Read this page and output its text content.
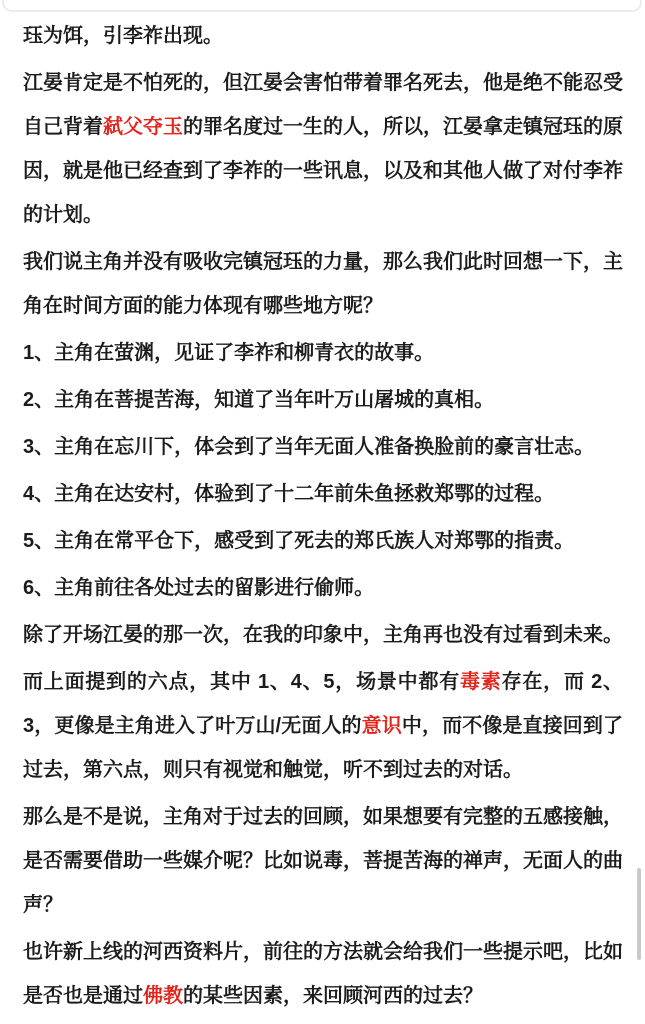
珏为饵，引李祚出现。

江晏肯定是不怕死的，但江晏会害怕带着罪名死去，他是绝不能忍受自己背着弑父夺玉的罪名度过一生的人，所以，江晏拿走镇冠珏的原因，就是他已经查到了李祚的一些讯息，以及和其他人做了对付李祚的计划。

我们说主角并没有吸收完镇冠珏的力量，那么我们此时回想一下，主角在时间方面的能力体现有哪些地方呢？

1、主角在萤渊，见证了李祚和柳青衣的故事。

2、主角在菩提苦海，知道了当年叶万山屠城的真相。

3、主角在忘川下，体会到了当年无面人准备换脸前的豪言壮志。

4、主角在达安村，体验到了十二年前朱鱼拯救郑鄂的过程。

5、主角在常平仓下，感受到了死去的郑氏族人对郑鄂的指责。

6、主角前往各处过去的留影进行偷师。

除了开场江晏的那一次，在我的印象中，主角再也没有过看到未来。

而上面提到的六点，其中 1、4、5，场景中都有毒素存在，而 2、3，更像是主角进入了叶万山/无面人的意识中，而不像是直接回到了过去，第六点，则只有视觉和触觉，听不到过去的对话。

那么是不是说，主角对于过去的回顾，如果想要有完整的五感接触，是否需要借助一些媒介呢？比如说毒，菩提苦海的禅声，无面人的曲声？

也许新上线的河西资料片，前往的方法就会给我们一些提示吧，比如是否也是通过佛教的某些因素，来回顾河西的过去？
